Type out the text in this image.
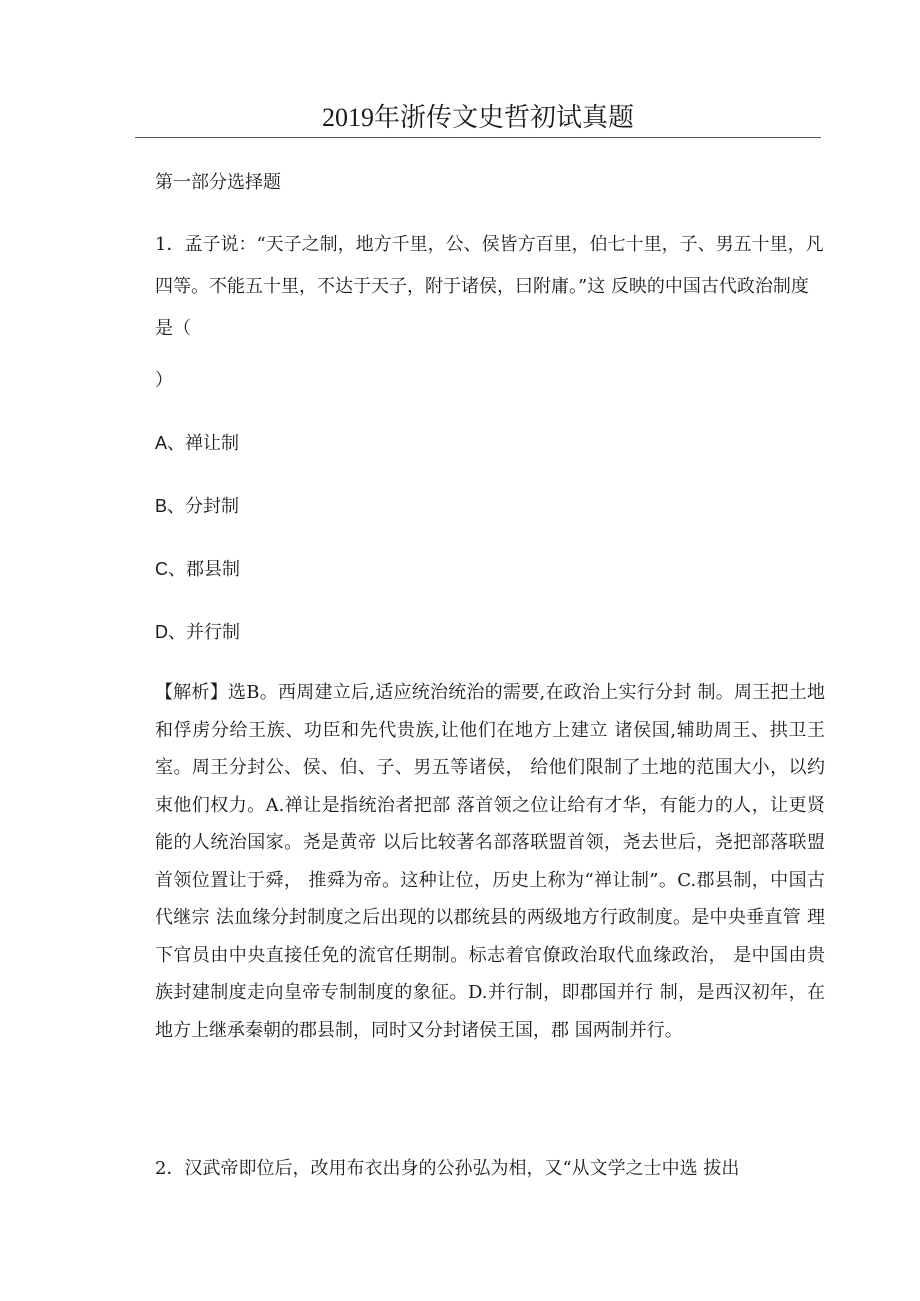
2019年浙传文史哲初试真题
第一部分选择题
1．孟子说：“天子之制，地方千里，公、侯皆方百里，伯七十里，子、男五十里，凡四等。不能五十里，不达于天子，附于诸侯，曰附庸。”这 反映的中国古代政治制度是（
）
A、禅让制
B、分封制
C、郡县制
D、并行制
【解析】选B。西周建立后,适应统治统治的需要,在政治上实行分封 制。周王把土地和俘虏分给王族、功臣和先代贵族,让他们在地方上建立 诸侯国,辅助周王、拱卫王室。周王分封公、侯、伯、子、男五等诸侯， 给他们限制了土地的范围大小，以约束他们权力。A.禅让是指统治者把部 落首领之位让给有才华，有能力的人，让更贤能的人统治国家。尧是黄帝 以后比较著名部落联盟首领，尧去世后，尧把部落联盟首领位置让于舜， 推舜为帝。这种让位，历史上称为“禅让制”。C.郡县制，中国古代继宗 法血缘分封制度之后出现的以郡统县的两级地方行政制度。是中央垂直管 理下官员由中央直接任免的流官任期制。标志着官僚政治取代血缘政治， 是中国由贵族封建制度走向皇帝专制制度的象征。D.并行制，即郡国并行 制，是西汉初年，在地方上继承秦朝的郡县制，同时又分封诸侯王国，郡 国两制并行。
2．汉武帝即位后，改用布衣出身的公孙弘为相，又“从文学之士中选 拔出
